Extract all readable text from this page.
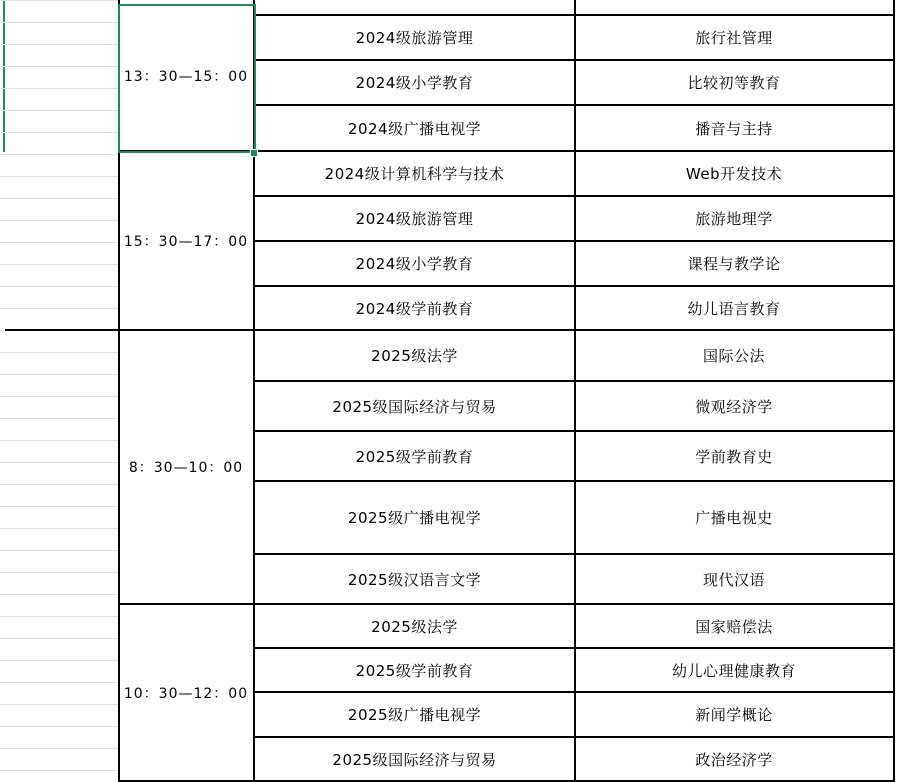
13：30—15：00
2024级旅游管理	旅行社管理
2024级小学教育	比较初等教育
2024级广播电视学	播音与主持
15：30—17：00
2024级计算机科学与技术	Web开发技术
2024级旅游管理	旅游地理学
2024级小学教育	课程与教学论
2024级学前教育	幼儿语言教育
8：30—10：00
2025级法学	国际公法
2025级国际经济与贸易	微观经济学
2025级学前教育	学前教育史
2025级广播电视学	广播电视史
2025级汉语言文学	现代汉语
10：30—12：00
2025级法学	国家赔偿法
2025级学前教育	幼儿心理健康教育
2025级广播电视学	新闻学概论
2025级国际经济与贸易	政治经济学
